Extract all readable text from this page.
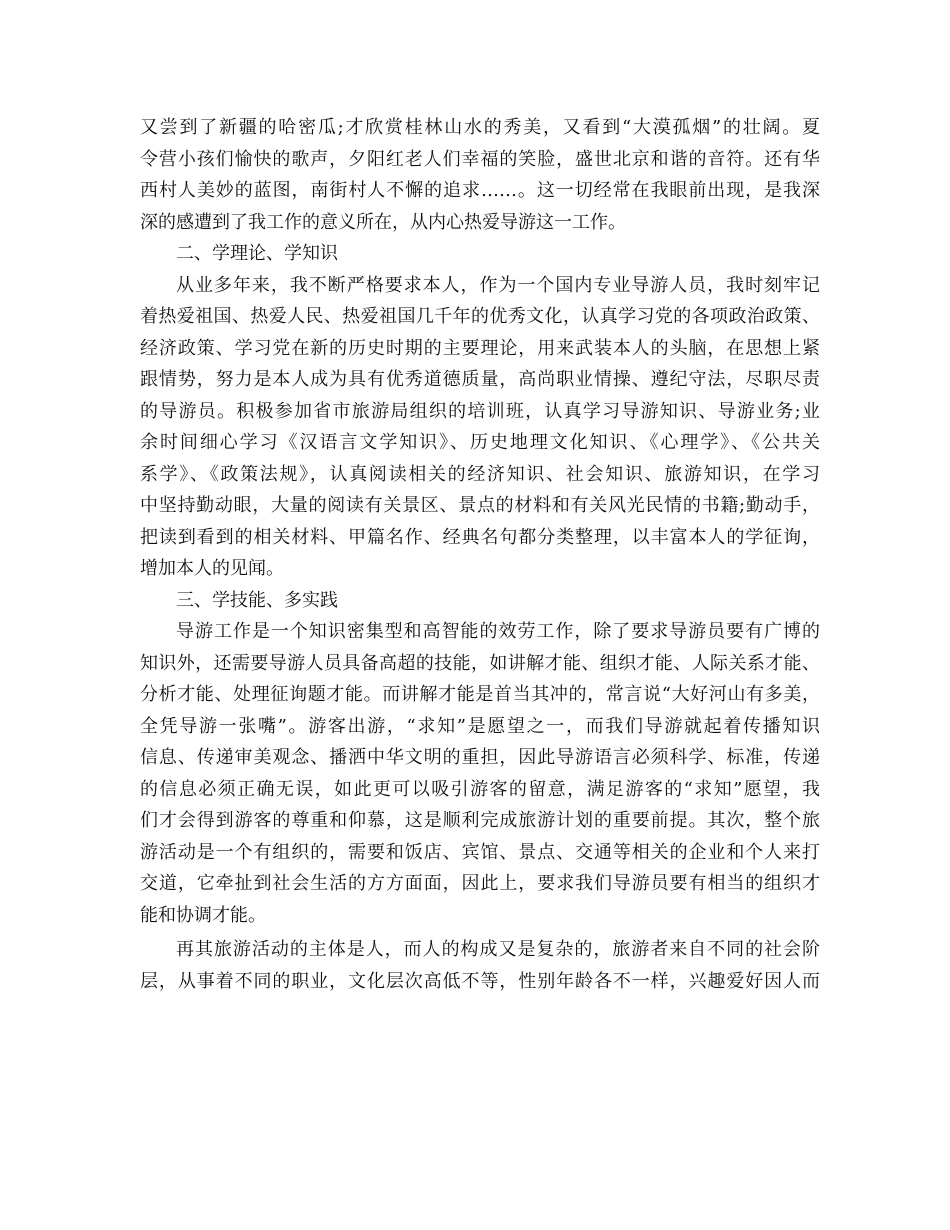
又尝到了新疆的哈密瓜;才欣赏桂林山水的秀美，又看到“大漠孤烟”的壮阔。夏
令营小孩们愉快的歌声，夕阳红老人们幸福的笑脸，盛世北京和谐的音符。还有华
西村人美妙的蓝图，南街村人不懈的追求……。这一切经常在我眼前出现，是我深
深的感遭到了我工作的意义所在，从内心热爱导游这一工作。
二、学理论、学知识
从业多年来，我不断严格要求本人，作为一个国内专业导游人员，我时刻牢记
着热爱祖国、热爱人民、热爱祖国几千年的优秀文化，认真学习党的各项政治政策、
经济政策、学习党在新的历史时期的主要理论，用来武装本人的头脑，在思想上紧
跟情势，努力是本人成为具有优秀道德质量，高尚职业情操、遵纪守法，尽职尽责
的导游员。积极参加省市旅游局组织的培训班，认真学习导游知识、导游业务;业
余时间细心学习《汉语言文学知识》、历史地理文化知识、《心理学》、《公共关
系学》、《政策法规》，认真阅读相关的经济知识、社会知识、旅游知识，在学习
中坚持勤动眼，大量的阅读有关景区、景点的材料和有关风光民情的书籍;勤动手，
把读到看到的相关材料、甲篇名作、经典名句都分类整理，以丰富本人的学征询，
增加本人的见闻。
三、学技能、多实践
导游工作是一个知识密集型和高智能的效劳工作，除了要求导游员要有广博的
知识外，还需要导游人员具备高超的技能，如讲解才能、组织才能、人际关系才能、
分析才能、处理征询题才能。而讲解才能是首当其冲的，常言说“大好河山有多美，
全凭导游一张嘴”。游客出游，“求知”是愿望之一，而我们导游就起着传播知识
信息、传递审美观念、播洒中华文明的重担，因此导游语言必须科学、标准，传递
的信息必须正确无误，如此更可以吸引游客的留意，满足游客的“求知”愿望，我
们才会得到游客的尊重和仰慕，这是顺利完成旅游计划的重要前提。其次，整个旅
游活动是一个有组织的，需要和饭店、宾馆、景点、交通等相关的企业和个人来打
交道，它牵扯到社会生活的方方面面，因此上，要求我们导游员要有相当的组织才
能和协调才能。
再其旅游活动的主体是人，而人的构成又是复杂的，旅游者来自不同的社会阶
层，从事着不同的职业，文化层次高低不等，性别年龄各不一样，兴趣爱好因人而
